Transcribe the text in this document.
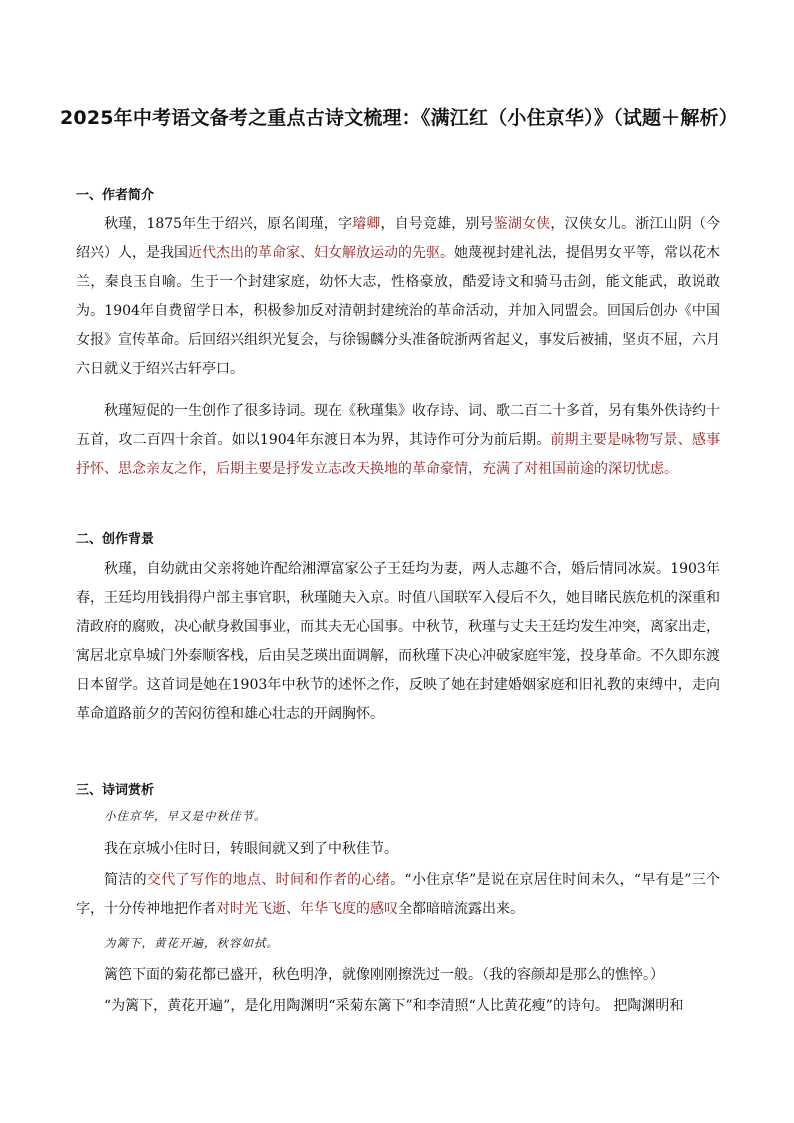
2025年中考语文备考之重点古诗文梳理：《满江红（小住京华）》（试题＋解析）
一、作者简介
秋瑾，1875年生于绍兴，原名闺瑾，字璿卿，自号竞雄，别号鉴湖女侠，汉侠女儿。浙江山阴（今绍兴）人，是我国近代杰出的革命家、妇女解放运动的先驱。她蔑视封建礼法，提倡男女平等，常以花木兰，秦良玉自喻。生于一个封建家庭，幼怀大志，性格豪放，酷爱诗文和骑马击剑，能文能武，敢说敢为。1904年自费留学日本，积极参加反对清朝封建统治的革命活动，并加入同盟会。回国后创办《中国女报》宣传革命。后回绍兴组织光复会，与徐锡麟分头准备皖浙两省起义，事发后被捕，坚贞不屈，六月六日就义于绍兴古轩亭口。
秋瑾短促的一生创作了很多诗词。现在《秋瑾集》收存诗、词、歌二百二十多首，另有集外佚诗约十五首，攻二百四十余首。如以1904年东渡日本为界，其诗作可分为前后期。前期主要是咏物写景、感事抒怀、思念亲友之作，后期主要是抒发立志改天换地的革命豪情，充满了对祖国前途的深切忧虑。
二、创作背景
秋瑾，自幼就由父亲将她许配给湘潭富家公子王廷均为妻，两人志趣不合，婚后情同冰炭。1903年春，王廷均用钱捐得户部主事官职，秋瑾随夫入京。时值八国联军入侵后不久，她目睹民族危机的深重和清政府的腐败，决心献身救国事业，而其夫无心国事。中秋节，秋瑾与丈夫王廷均发生冲突，离家出走，寓居北京阜城门外泰顺客栈，后由吴芝瑛出面调解，而秋瑾下决心冲破家庭牢笼，投身革命。不久即东渡日本留学。这首词是她在1903年中秋节的述怀之作，反映了她在封建婚姻家庭和旧礼教的束缚中，走向革命道路前夕的苦闷彷徨和雄心壮志的开阔胸怀。
三、诗词赏析
小住京华，早又是中秋佳节。
我在京城小住时日，转眼间就又到了中秋佳节。
简洁的交代了写作的地点、时间和作者的心绪。“小住京华”是说在京居住时间未久，“早有是”三个字，十分传神地把作者对时光飞逝、年华飞度的感叹全都暗暗流露出来。
为篱下，黄花开遍，秋容如拭。
篱笆下面的菊花都已盛开，秋色明净，就像刚刚擦洗过一般。（我的容颜却是那么的憔悴。）
“为篱下，黄花开遍”，是化用陶渊明“采菊东篱下”和李清照“人比黄花瘦”的诗句。 把陶渊明和
